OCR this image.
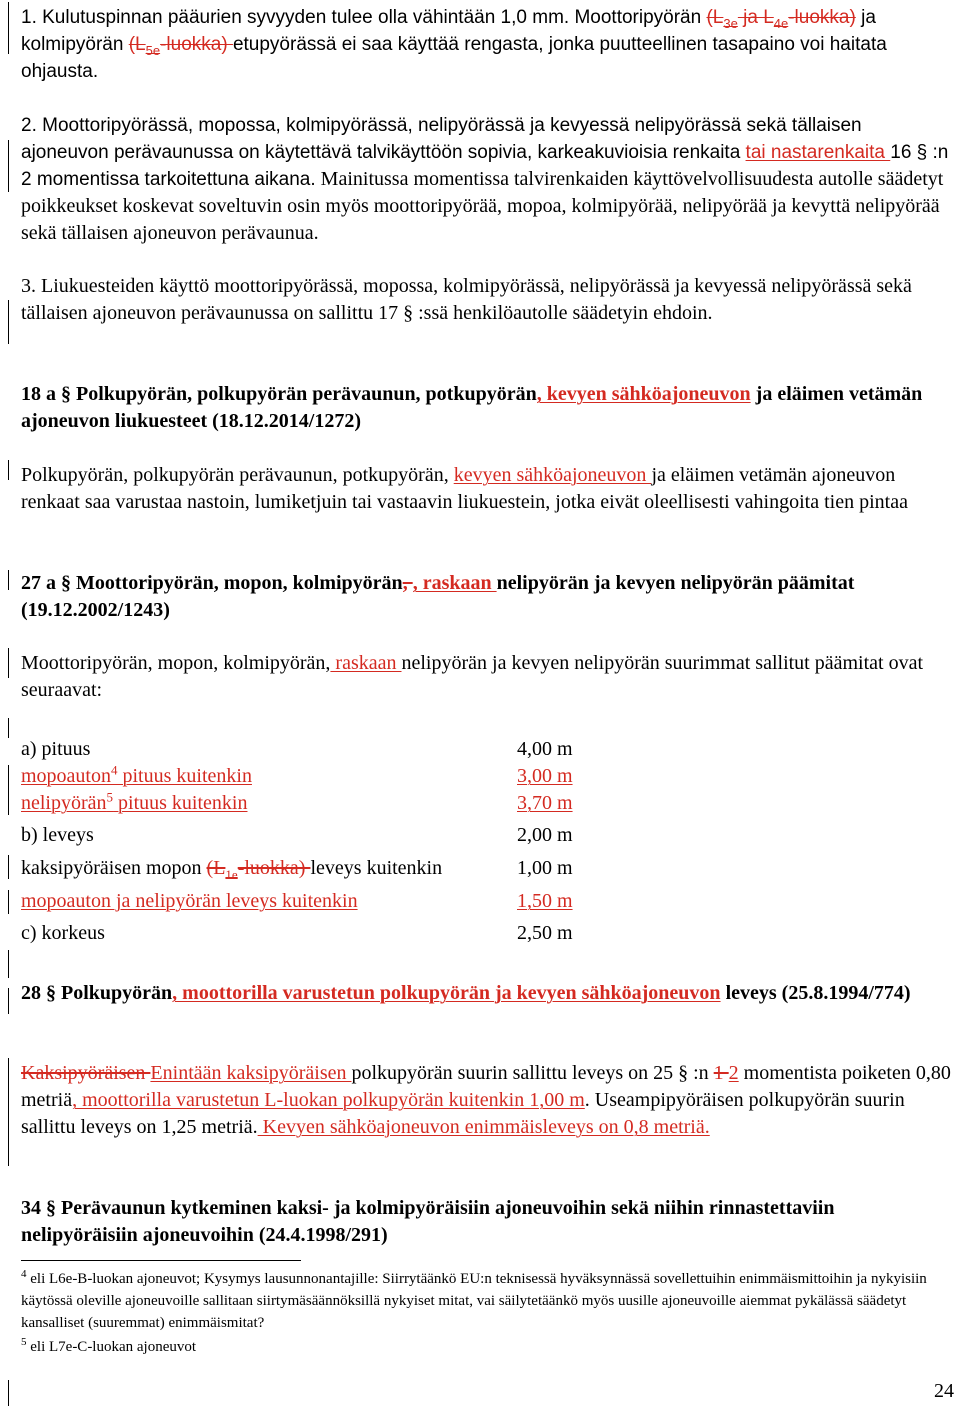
1. Kulutuspinnan pääurien syvyyden tulee olla vähintään 1,0 mm. Moottoripyörän ($L_{3e}$ ja $L_{4e}-luokka$) ja kolmipyörän $(L_{5e}-luokka)$ etupyörässä ei saa käyttää rengasta, jonka puutteellinen tasapaino voi haitata ohjausta.
2. Moottoripyörässä, mopossa, kolmipyörässä, nelipyörässä ja kevyessä nelipyörässä sekä tällaisen ajoneuvon perävaunussa on käytettävä talvikäyttöön sopivia, karkeakuvioisia renkaita tai nastarenkaita 16 § :n 2 momentissa tarkoitettuna aikana. Mainitussa momentissa talvirenkaiden käyttövelvollisuudesta autolle säädetyt poikkeukset koskevat soveltuvin osin myös moottoripyörää, mopoa, kolmipyörää, nelipyörää ja kevyttä nelipyörää sekä tällaisen ajoneuvon perävaunua.
3. Liukuesteiden käyttö moottoripyörässä, mopossa, kolmipyörässä, nelipyörässä ja kevyessä nelipyörässä sekä tällaisen ajoneuvon perävaunussa on sallittu 17 § :ssä henkilöautolle säädetyin ehdoin.
18 a § Polkupyörän, polkupyörän perävaunun, potkupyörän, kevyen sähköajoneuvon ja eläimen vetämän ajoneuvon liukuesteet (18.12.2014/1272)
Polkupyörän, polkupyörän perävaunun, potkupyörän, kevyen sähköajoneuvon ja eläimen vetämän ajoneuvon renkaat saa varustaa nastoin, lumiketjuin tai vastaavin liukuestein, jotka eivät oleellisesti vahingoita tien pintaa
27 a § Moottoripyörän, mopon, kolmipyörän, , raskaan nelipyörän ja kevyen nelipyörän päämitat (19.12.2002/1243)
Moottoripyörän, mopon, kolmipyörän, raskaan nelipyörän ja kevyen nelipyörän suurimmat sallitut päämitat ovat seuraavat:
a) pituus	4,00 m
mopoauton$^4$ pituus kuitenkin	3,00 m
nelipyörän$^5$ pituus kuitenkin	3,70 m
b) leveys	2,00 m
kaksipyöräisen mopon $(L_{1e}-luokka)$ leveys kuitenkin	1,00 m
mopoauton ja nelipyörän leveys kuitenkin	1,50 m
c) korkeus	2,50 m
28 § Polkupyörän, moottorilla varustetun polkupyörän ja kevyen sähköajoneuvon leveys (25.8.1994/774)
Kaksipyöräisen Enintään kaksipyöräisen polkupyörän suurin sallittu leveys on 25 § :n 1 2 momentista poiketen 0,80 metriä, moottorilla varustetun L-luokan polkupyörän kuitenkin 1,00 m. Useampipyöräisen polkupyörän suurin sallittu leveys on 1,25 metriä. Kevyen sähköajoneuvon enimmäisleveys on 0,8 metriä.
34 § Perävaunun kytkeminen kaksi- ja kolmipyöräisiin ajoneuvoihin sekä niihin rinnastettaviin nelipyöräisiin ajoneuvoihin (24.4.1998/291)
$^4$ eli L6e-B-luokan ajoneuvot; Kysymys lausunnonantajille: Siirrytäänkö EU:n teknisessä hyväksynnässä sovellettuihin enimmäismittoihin ja nykyisiin käytössä oleville ajoneuvoille sallitaan siirtymäsäännöksillä nykyiset mitat, vai säilytetäänkö myös uusille ajoneuvoille aiemmat pykälässä säädetyt kansalliset (suuremmat) enimmäismitat?
$^5$ eli L7e-C-luokan ajoneuvot
24
